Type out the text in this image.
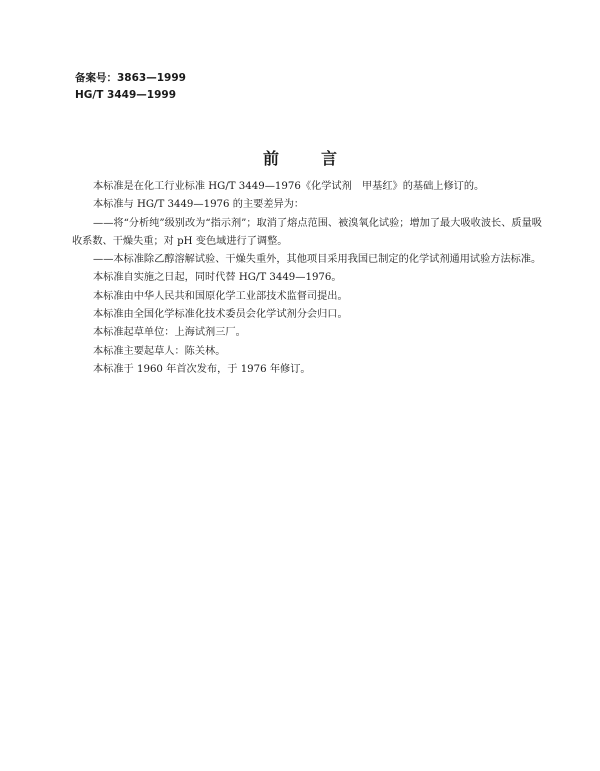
备案号：3863—1999
HG/T 3449—1999
前言

本标准是在化工行业标准 HG/T 3449—1976《化学试剂　甲基红》的基础上修订的。

本标准与 HG/T 3449—1976 的主要差异为：

——将“分析纯”级别改为“指示剂”；取消了熔点范围、被溴氧化试验；增加了最大吸收波长、质量吸收系数、干燥失重；对 pH 变色域进行了调整。

——本标准除乙醇溶解试验、干燥失重外，其他项目采用我国已制定的化学试剂通用试验方法标准。

本标准自实施之日起，同时代替 HG/T 3449—1976。

本标准由中华人民共和国原化学工业部技术监督司提出。

本标准由全国化学标准化技术委员会化学试剂分会归口。

本标准起草单位：上海试剂三厂。

本标准主要起草人：陈关林。

本标准于 1960 年首次发布，于 1976 年修订。
